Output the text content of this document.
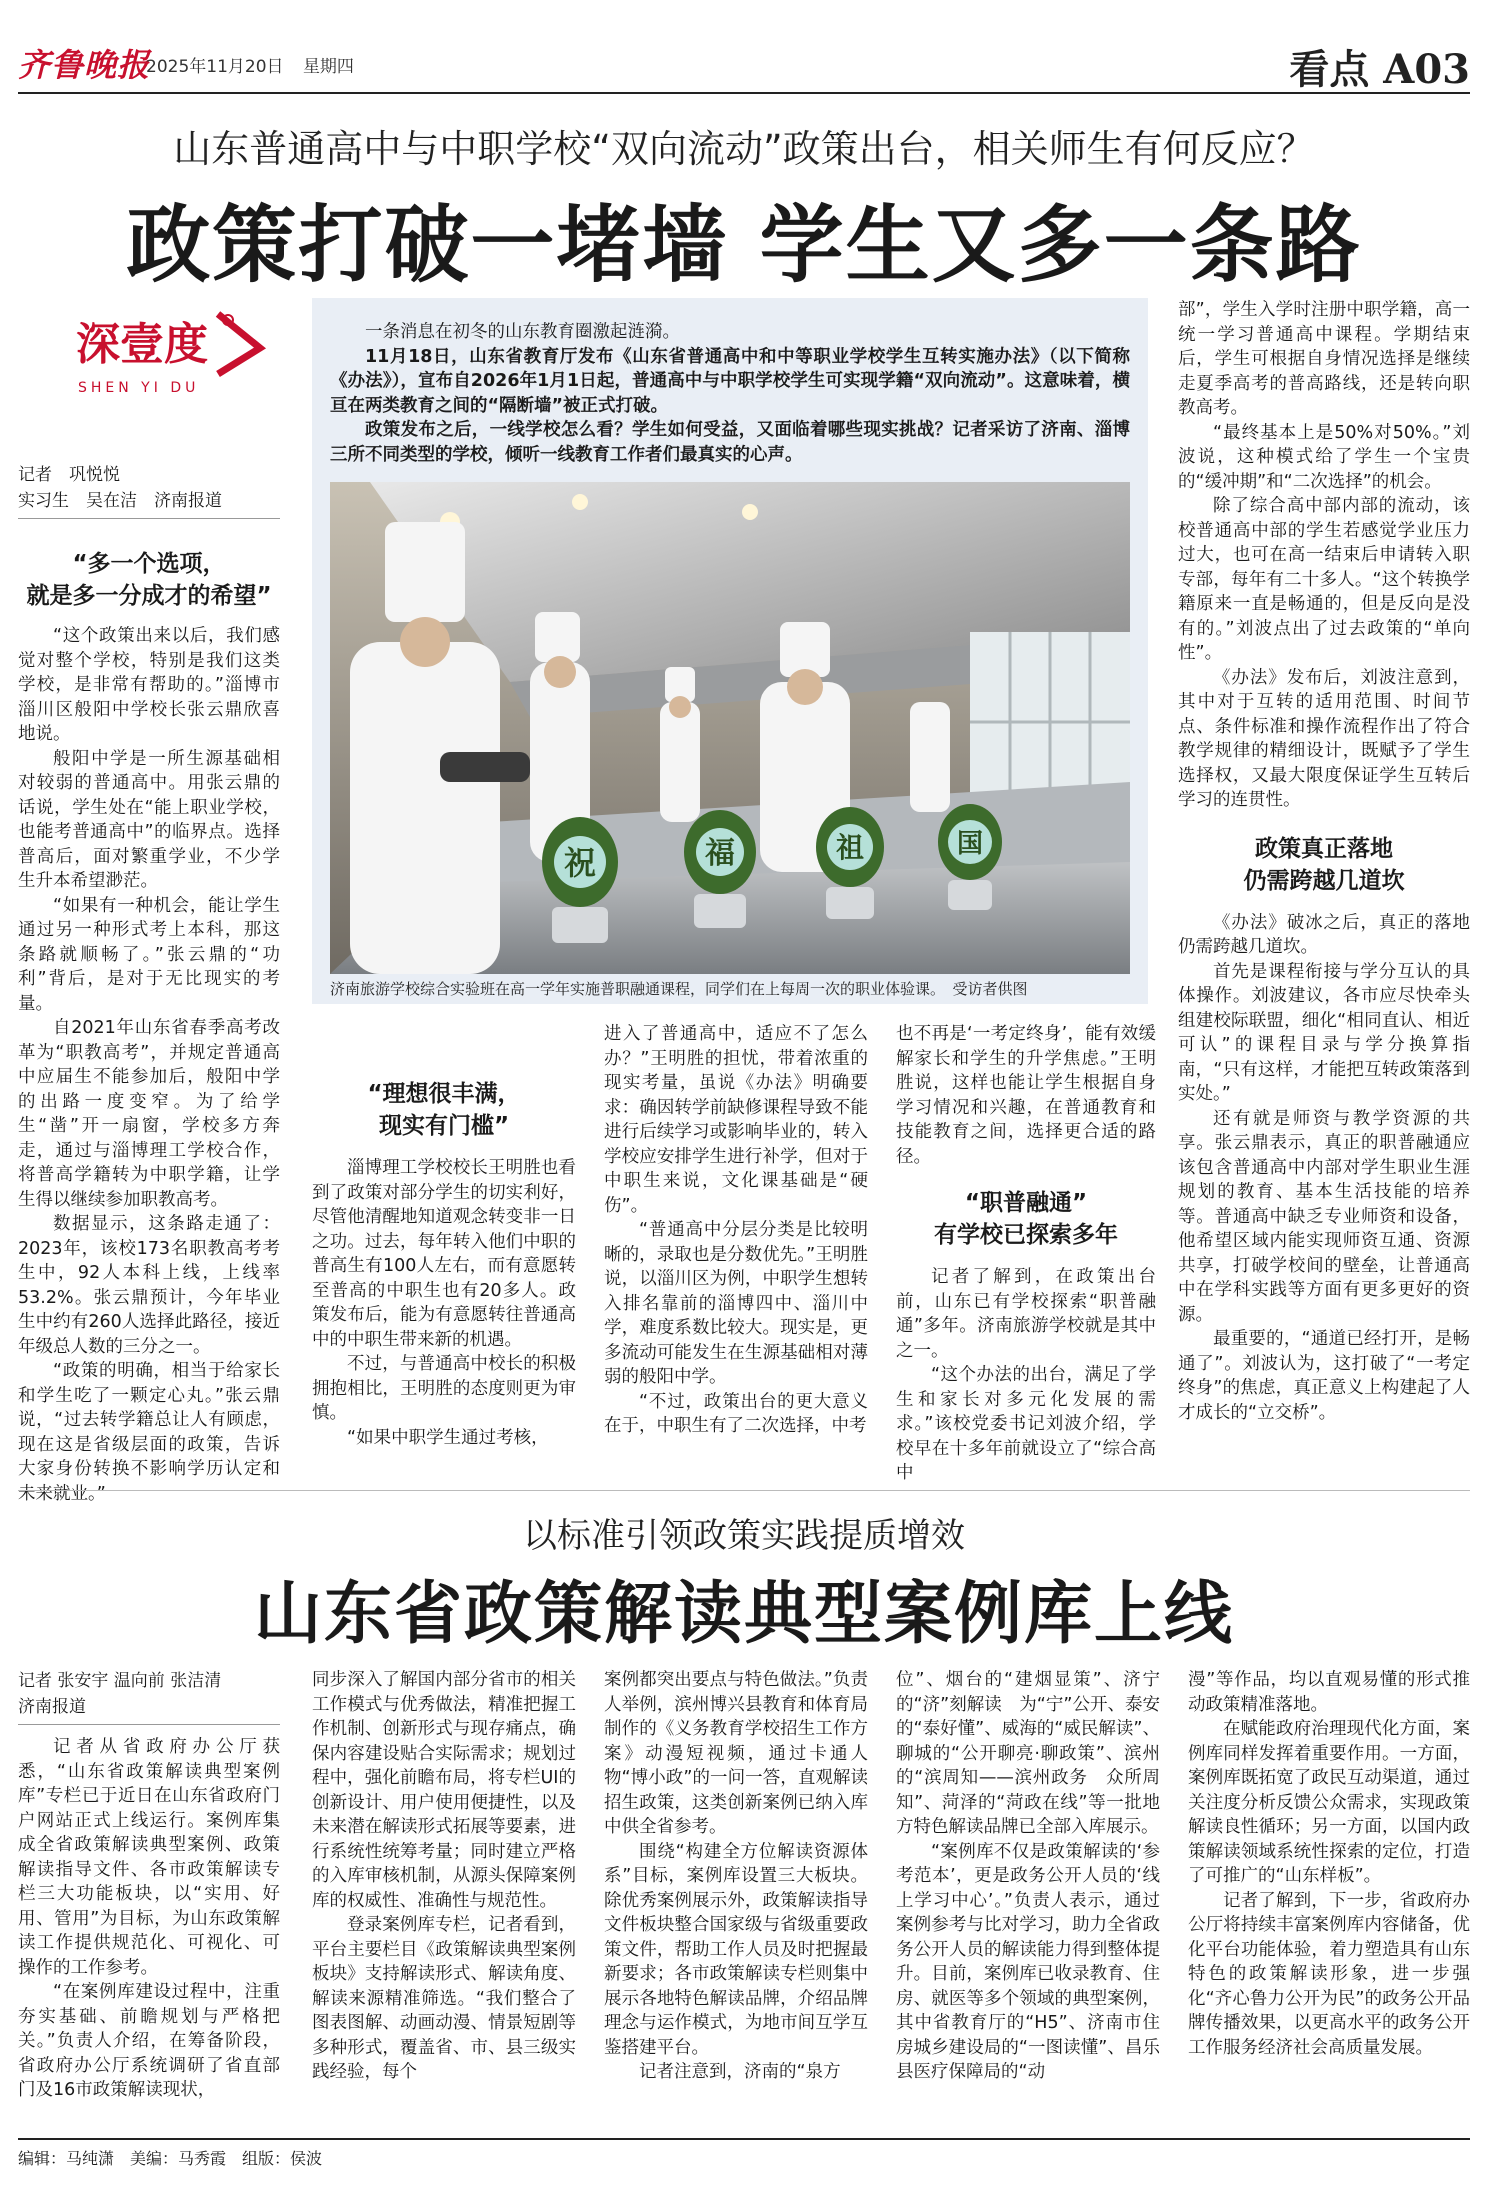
齐鲁晚报
2025年11月20日 星期四	看点 A03
山东普通高中与中职学校“双向流动”政策出台，相关师生有何反应？
政策打破一堵墙 学生又多一条路
深壹度
SHEN YI DU
记者　巩悦悦
实习生　吴在洁　济南报道
“多一个选项，
就是多一分成才的希望”

“这个政策出来以后，我们感觉对整个学校，特别是我们这类学校，是非常有帮助的。”淄博市淄川区般阳中学校长张云鼎欣喜地说。

般阳中学是一所生源基础相对较弱的普通高中。用张云鼎的话说，学生处在“能上职业学校，也能考普通高中”的临界点。选择普高后，面对繁重学业，不少学生升本希望渺茫。

“如果有一种机会，能让学生通过另一种形式考上本科，那这条路就顺畅了。”张云鼎的“功利”背后，是对于无比现实的考量。

自2021年山东省春季高考改革为“职教高考”，并规定普通高中应届生不能参加后，般阳中学的出路一度变窄。为了给学生“凿”开一扇窗，学校多方奔走，通过与淄博理工学校合作，将普高学籍转为中职学籍，让学生得以继续参加职教高考。

数据显示，这条路走通了：2023年，该校173名职教高考考生中，92人本科上线，上线率53.2%。张云鼎预计，今年毕业生中约有260人选择此路径，接近年级总人数的三分之一。

“政策的明确，相当于给家长和学生吃了一颗定心丸。”张云鼎说，“过去转学籍总让人有顾虑，现在这是省级层面的政策，告诉大家身份转换不影响学历认定和未来就业。”

一条消息在初冬的山东教育圈激起涟漪。

11月18日，山东省教育厅发布《山东省普通高中和中等职业学校学生互转实施办法》（以下简称《办法》），宣布自2026年1月1日起，普通高中与中职学校学生可实现学籍“双向流动”。这意味着，横亘在两类教育之间的“隔断墙”被正式打破。

政策发布之后，一线学校怎么看？学生如何受益，又面临着哪些现实挑战？记者采访了济南、淄博三所不同类型的学校，倾听一线教育工作者们最真实的心声。

祝	福	祖	国
济南旅游学校综合实验班在高一学年实施普职融通课程，同学们在上每周一次的职业体验课。　受访者供图
“理想很丰满，
现实有门槛”

淄博理工学校校长王明胜也看到了政策对部分学生的切实利好，尽管他清醒地知道观念转变非一日之功。过去，每年转入他们中职的普高生有100人左右，而有意愿转至普高的中职生也有20多人。政策发布后，能为有意愿转往普通高中的中职生带来新的机遇。

不过，与普通高中校长的积极拥抱相比，王明胜的态度则更为审慎。

“如果中职学生通过考核，

进入了普通高中，适应不了怎么办？”王明胜的担忧，带着浓重的现实考量，虽说《办法》明确要求：确因转学前缺修课程导致不能进行后续学习或影响毕业的，转入学校应安排学生进行补学，但对于中职生来说，文化课基础是“硬伤”。

“普通高中分层分类是比较明晰的，录取也是分数优先。”王明胜说，以淄川区为例，中职学生想转入排名靠前的淄博四中、淄川中学，难度系数比较大。现实是，更多流动可能发生在生源基础相对薄弱的般阳中学。

“不过，政策出台的更大意义在于，中职生有了二次选择，中考

也不再是‘一考定终身’，能有效缓解家长和学生的升学焦虑。”王明胜说，这样也能让学生根据自身学习情况和兴趣，在普通教育和技能教育之间，选择更合适的路径。

“职普融通”
有学校已探索多年

记者了解到，在政策出台前，山东已有学校探索“职普融通”多年。济南旅游学校就是其中之一。

“这个办法的出台，满足了学生和家长对多元化发展的需求。”该校党委书记刘波介绍，学校早在十多年前就设立了“综合高中

部”，学生入学时注册中职学籍，高一统一学习普通高中课程。学期结束后，学生可根据自身情况选择是继续走夏季高考的普高路线，还是转向职教高考。

“最终基本上是50%对50%。”刘波说，这种模式给了学生一个宝贵的“缓冲期”和“二次选择”的机会。

除了综合高中部内部的流动，该校普通高中部的学生若感觉学业压力过大，也可在高一结束后申请转入职专部，每年有二十多人。“这个转换学籍原来一直是畅通的，但是反向是没有的。”刘波点出了过去政策的“单向性”。

《办法》发布后，刘波注意到，其中对于互转的适用范围、时间节点、条件标准和操作流程作出了符合教学规律的精细设计，既赋予了学生选择权，又最大限度保证学生互转后学习的连贯性。

政策真正落地
仍需跨越几道坎

《办法》破冰之后，真正的落地仍需跨越几道坎。

首先是课程衔接与学分互认的具体操作。刘波建议，各市应尽快牵头组建校际联盟，细化“相同直认、相近可认”的课程目录与学分换算指南，“只有这样，才能把互转政策落到实处。”

还有就是师资与教学资源的共享。张云鼎表示，真正的职普融通应该包含普通高中内部对学生职业生涯规划的教育、基本生活技能的培养等。普通高中缺乏专业师资和设备，他希望区域内能实现师资互通、资源共享，打破学校间的壁垒，让普通高中在学科实践等方面有更多更好的资源。

最重要的，“通道已经打开，是畅通了”。刘波认为，这打破了“一考定终身”的焦虑，真正意义上构建起了人才成长的“立交桥”。

以标准引领政策实践提质增效
山东省政策解读典型案例库上线
记者 张安宇 温向前 张洁清
济南报道

记者从省政府办公厅获悉，“山东省政策解读典型案例库”专栏已于近日在山东省政府门户网站正式上线运行。案例库集成全省政策解读典型案例、政策解读指导文件、各市政策解读专栏三大功能板块，以“实用、好用、管用”为目标，为山东政策解读工作提供规范化、可视化、可操作的工作参考。

“在案例库建设过程中，注重夯实基础、前瞻规划与严格把关。”负责人介绍，在筹备阶段，省政府办公厅系统调研了省直部门及16市政策解读现状，

同步深入了解国内部分省市的相关工作模式与优秀做法，精准把握工作机制、创新形式与现存痛点，确保内容建设贴合实际需求；规划过程中，强化前瞻布局，将专栏UI的创新设计、用户使用便捷性，以及未来潜在解读形式拓展等要素，进行系统性统筹考量；同时建立严格的入库审核机制，从源头保障案例库的权威性、准确性与规范性。

登录案例库专栏，记者看到，平台主要栏目《政策解读典型案例板块》支持解读形式、解读角度、解读来源精准筛选。“我们整合了图表图解、动画动漫、情景短剧等多种形式，覆盖省、市、县三级实践经验，每个

案例都突出要点与特色做法。”负责人举例，滨州博兴县教育和体育局制作的《义务教育学校招生工作方案》动漫短视频，通过卡通人物“博小政”的一问一答，直观解读招生政策，这类创新案例已纳入库中供全省参考。

围绕“构建全方位解读资源体系”目标，案例库设置三大板块。除优秀案例展示外，政策解读指导文件板块整合国家级与省级重要政策文件，帮助工作人员及时把握最新要求；各市政策解读专栏则集中展示各地特色解读品牌，介绍品牌理念与运作模式，为地市间互学互鉴搭建平台。

记者注意到，济南的“泉方

位”、烟台的“建烟显策”、济宁的“济”刻解读　为“宁”公开、泰安的“泰好懂”、威海的“威民解读”、聊城的“公开聊亮·聊政策”、滨州的“滨周知——滨州政务　众所周知”、菏泽的“菏政在线”等一批地方特色解读品牌已全部入库展示。

“案例库不仅是政策解读的‘参考范本’，更是政务公开人员的‘线上学习中心’。”负责人表示，通过案例参考与比对学习，助力全省政务公开人员的解读能力得到整体提升。目前，案例库已收录教育、住房、就医等多个领域的典型案例，其中省教育厅的“H5”、济南市住房城乡建设局的“一图读懂”、昌乐县医疗保障局的“动

漫”等作品，均以直观易懂的形式推动政策精准落地。

在赋能政府治理现代化方面，案例库同样发挥着重要作用。一方面，案例库既拓宽了政民互动渠道，通过关注度分析反馈公众需求，实现政策解读良性循环；另一方面，以国内政策解读领域系统性探索的定位，打造了可推广的“山东样板”。

记者了解到，下一步，省政府办公厅将持续丰富案例库内容储备，优化平台功能体验，着力塑造具有山东特色的政策解读形象，进一步强化“齐心鲁力公开为民”的政务公开品牌传播效果，以更高水平的政务公开工作服务经济社会高质量发展。

编辑：马纯潇　美编：马秀霞　组版：侯波
